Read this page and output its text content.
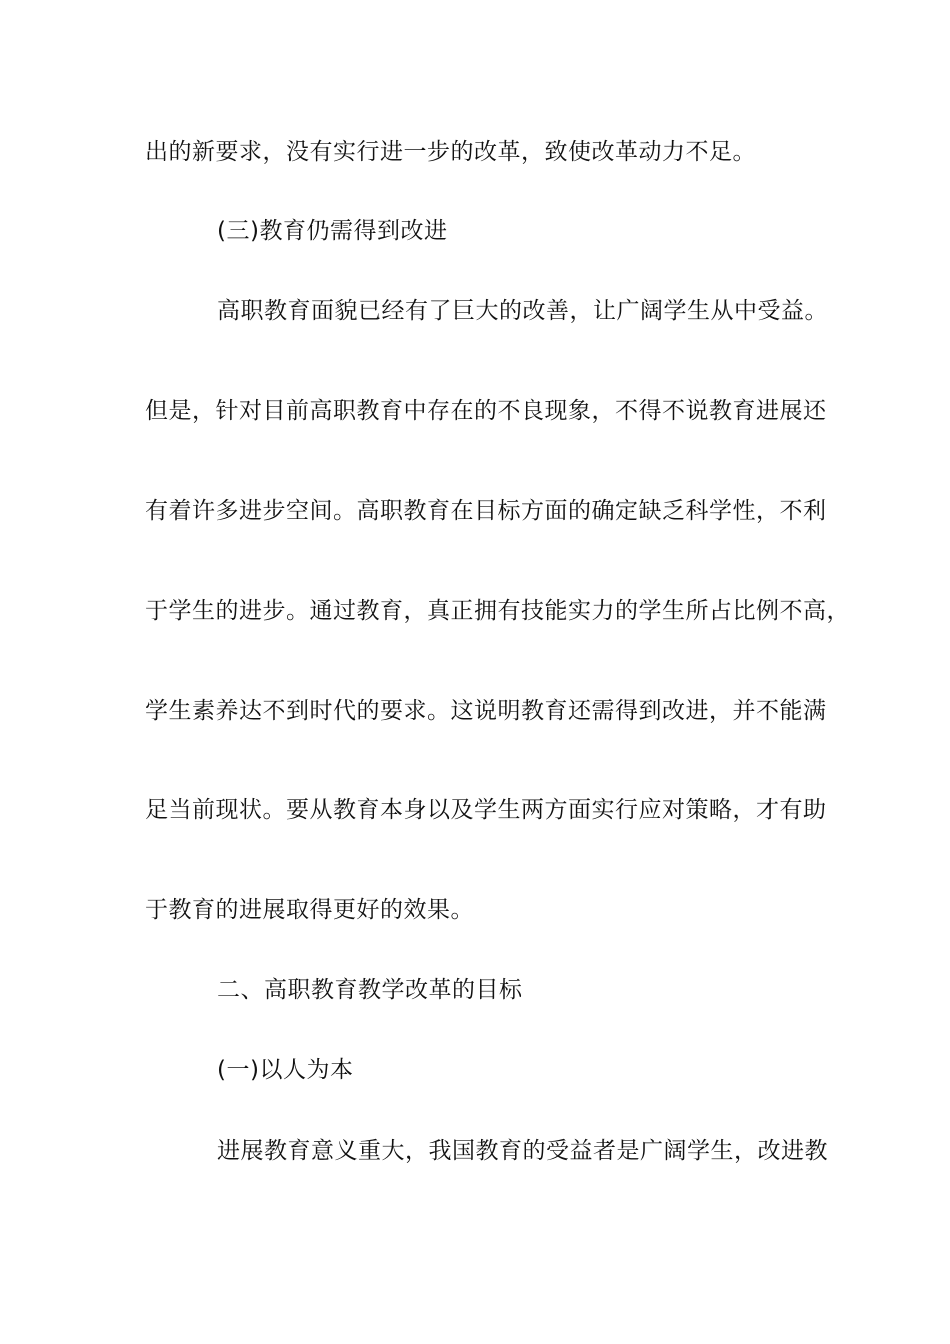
出的新要求，没有实行进一步的改革，致使改革动力不足。
(三)教育仍需得到改进
高职教育面貌已经有了巨大的改善，让广阔学生从中受益。
但是，针对目前高职教育中存在的不良现象，不得不说教育进展还
有着许多进步空间。高职教育在目标方面的确定缺乏科学性，不利
于学生的进步。通过教育，真正拥有技能实力的学生所占比例不高，
学生素养达不到时代的要求。这说明教育还需得到改进，并不能满
足当前现状。要从教育本身以及学生两方面实行应对策略，才有助
于教育的进展取得更好的效果。
二、高职教育教学改革的目标
(一)以人为本
进展教育意义重大，我国教育的受益者是广阔学生，改进教
